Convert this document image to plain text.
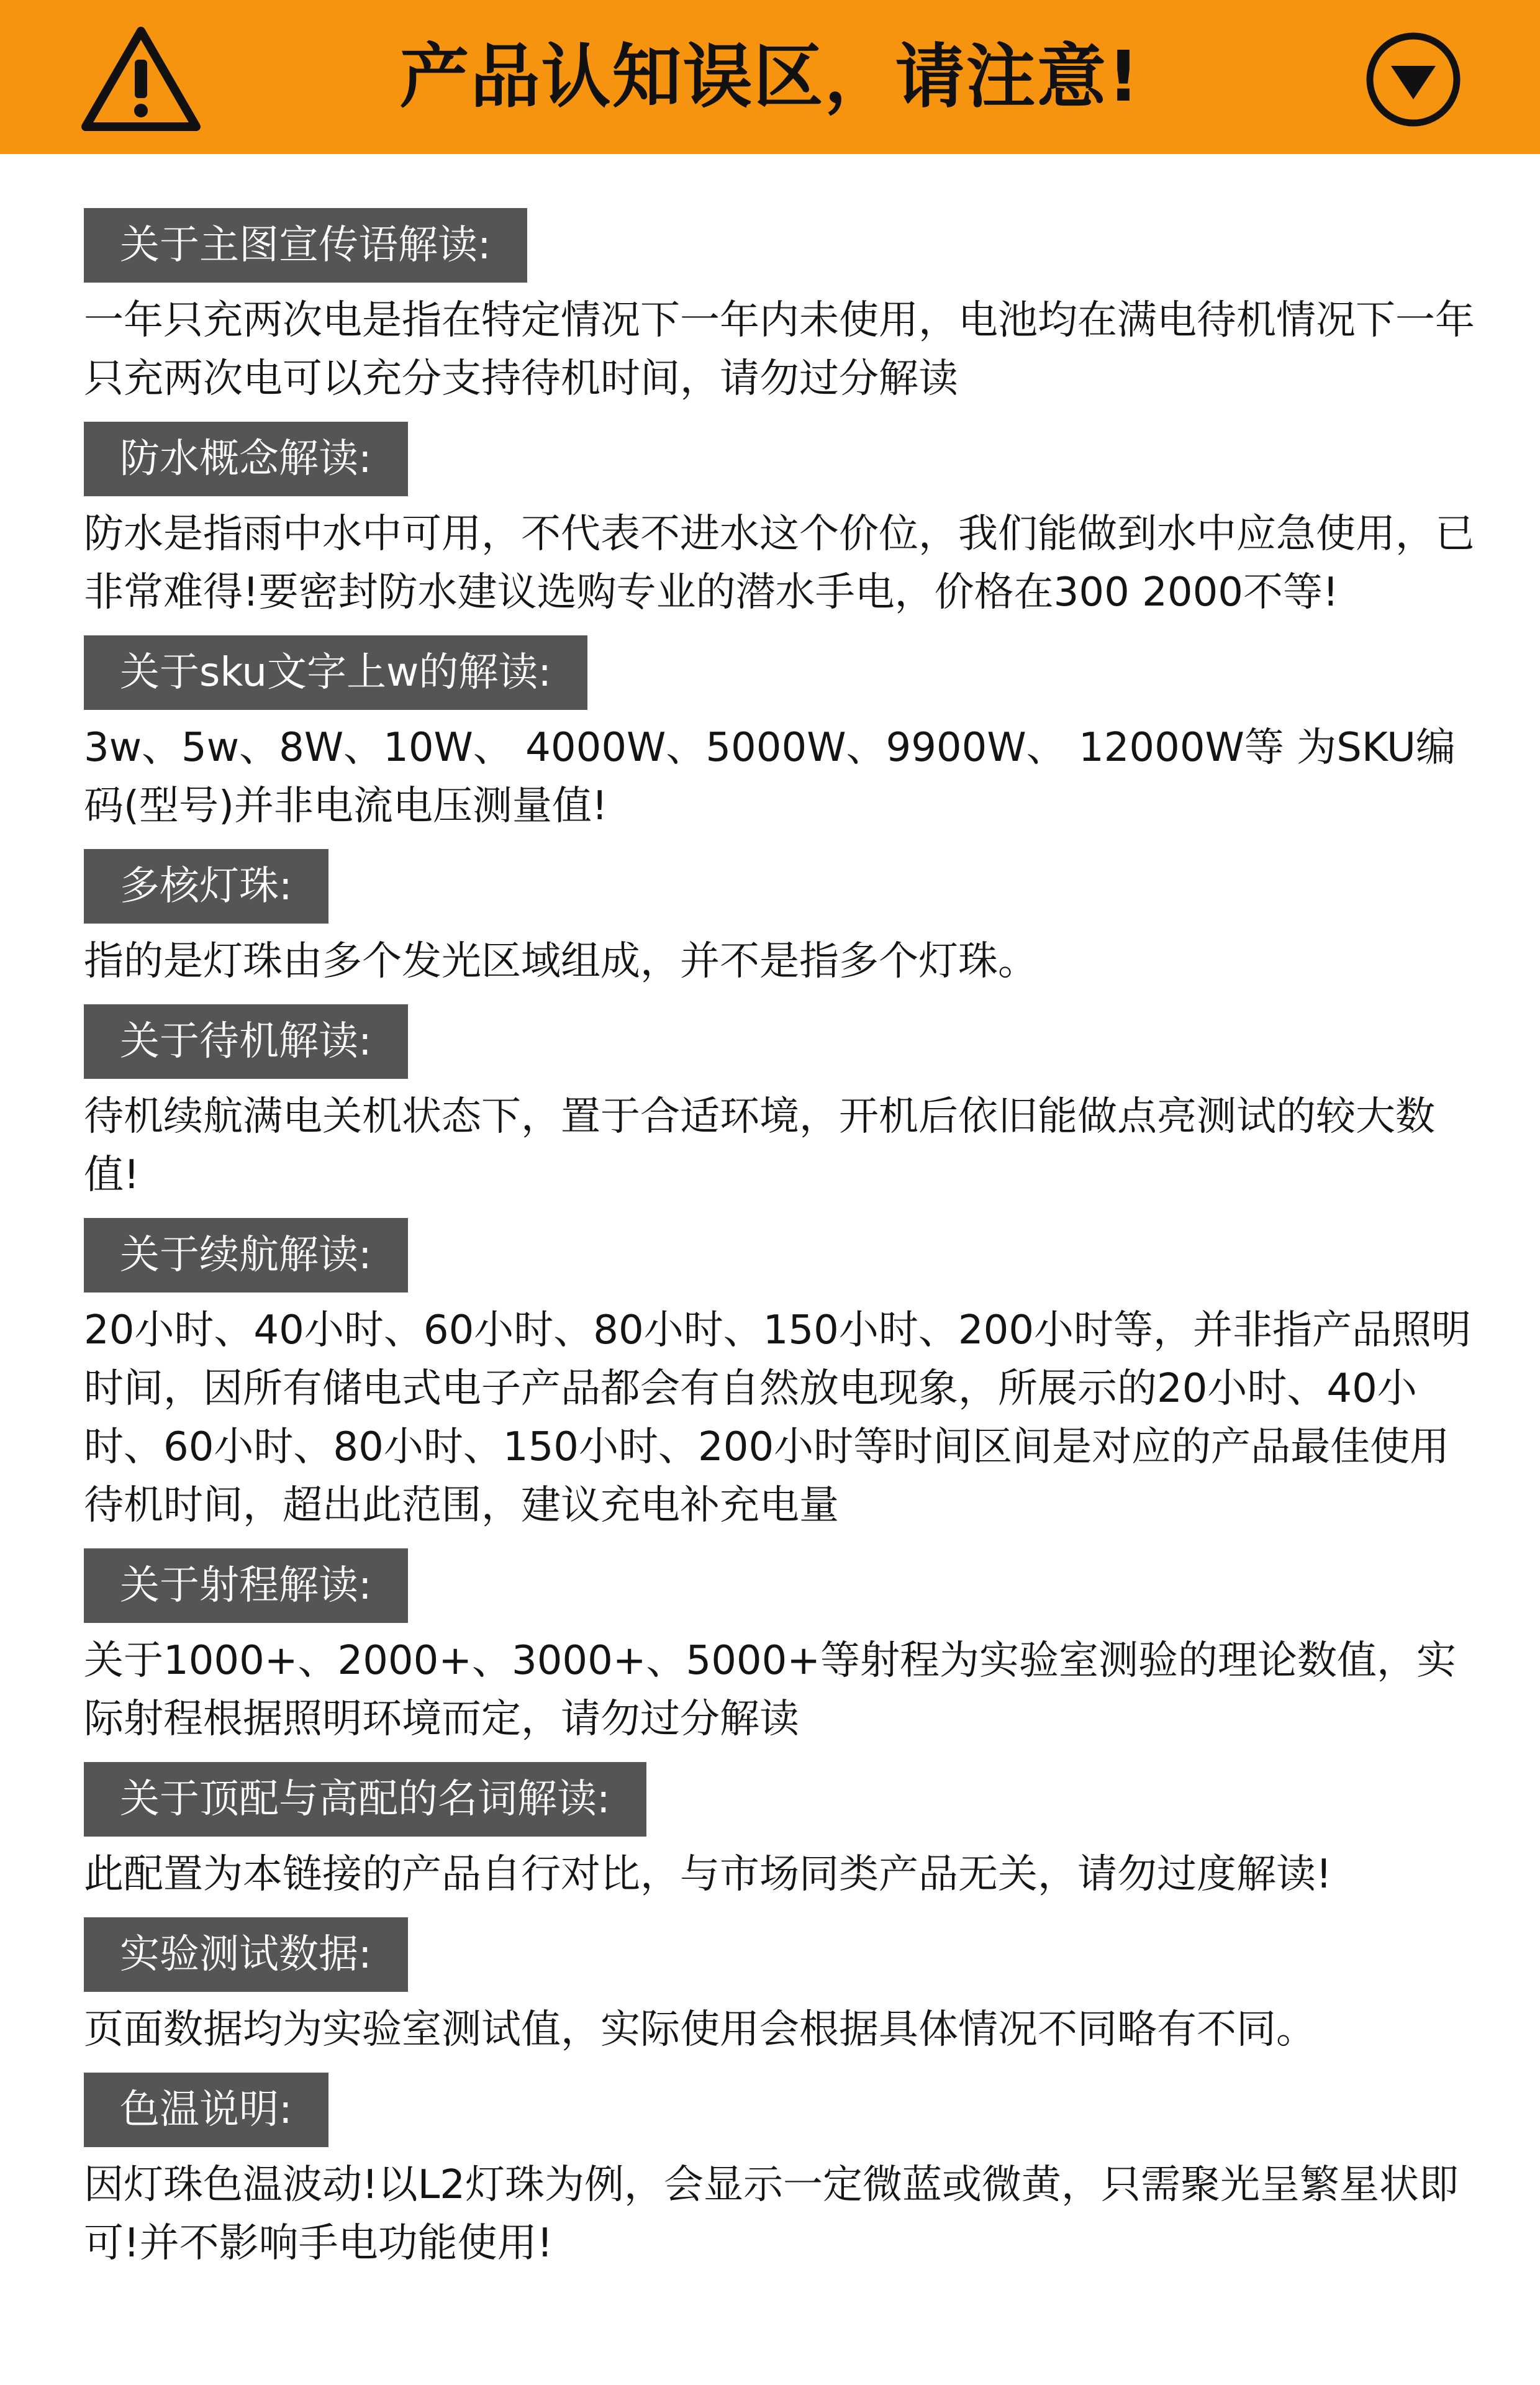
产品认知误区，请注意!
关于主图宣传语解读:

一年只充两次电是指在特定情况下一年内未使用，电池均在满电待机情况下一年只充两次电可以充分支持待机时间，请勿过分解读

防水概念解读:

防水是指雨中水中可用，不代表不进水这个价位，我们能做到水中应急使用，已非常难得!要密封防水建议选购专业的潜水手电，价格在300 2000不等!

关于sku文字上w的解读:

3w、5w、8W、10W、 4000W、5000W、9900W、 12000W等 为SKU编码(型号)并非电流电压测量值!

多核灯珠:

指的是灯珠由多个发光区域组成，并不是指多个灯珠。

关于待机解读:

待机续航满电关机状态下，置于合适环境，开机后依旧能做点亮测试的较大数值!

关于续航解读:

20小时、40小时、60小时、80小时、150小时、200小时等，并非指产品照明时间，因所有储电式电子产品都会有自然放电现象，所展示的20小时、40小时、60小时、80小时、150小时、200小时等时间区间是对应的产品最佳使用待机时间，超出此范围，建议充电补充电量

关于射程解读:

关于1000+、2000+、3000+、5000+等射程为实验室测验的理论数值，实际射程根据照明环境而定，请勿过分解读

关于顶配与高配的名词解读:

此配置为本链接的产品自行对比，与市场同类产品无关，请勿过度解读!

实验测试数据:

页面数据均为实验室测试值，实际使用会根据具体情况不同略有不同。

色温说明:

因灯珠色温波动!以L2灯珠为例，会显示一定微蓝或微黄，只需聚光呈繁星状即可!并不影响手电功能使用!
